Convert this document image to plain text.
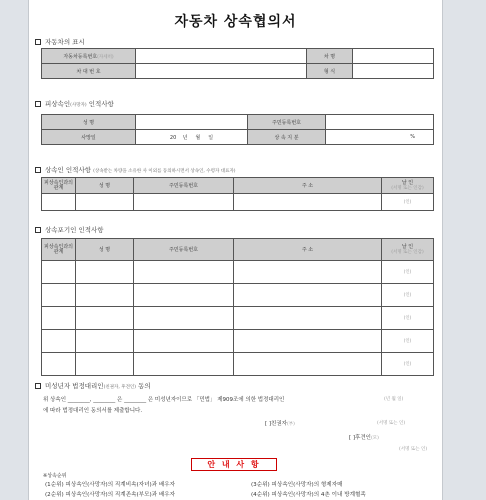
자동차 상속협의서
자동차의 표시
자동차등록번호(자세히)		차 명	
차 대 번 호		형 식	
피상속인(사망자) 인적사항
성 명		주민등록번호	
사망일	20 년 월 일	상 속 지 분	%
상속인 인적사항 (상속받는 차량을 소유한 사 이외를 동의하시면서 상속인, 수령자 대표자)
피상속인과의 관계	성 명	주민등록번호	주 소	날 인
(서명 또는 인감)
				(인)
상속포기인 인적사항
피상속인과의 관계	성 명	주민등록번호	주 소	날 인
(서명 또는 인감)
				(인)
				(인)
				(인)
				(인)
				(인)
미성년자 법정대리인(친권자, 후견인) 동의
위 상속인 ________, ________ 은 ________ 은 미성년자이므로 「민법」 제909조에 의한 법정대리인
에 따라 법정대리인 동의서를 제출합니다.
(년 월 일)
[ ]친권자(부)	(서명 또는 인)
[ ]후견인(모)
(서명 또는 인)
안 내 사 항
※상속순위
(1순위) 피상속인(사망자)의 직계비속(자녀)과 배우자	(3순위) 피상속인(사망자)의 형제자매
(2순위) 피상속인(사망자)의 직계존속(부모)과 배우자	(4순위) 피상속인(사망자)의 4촌 이내 방계혈족
